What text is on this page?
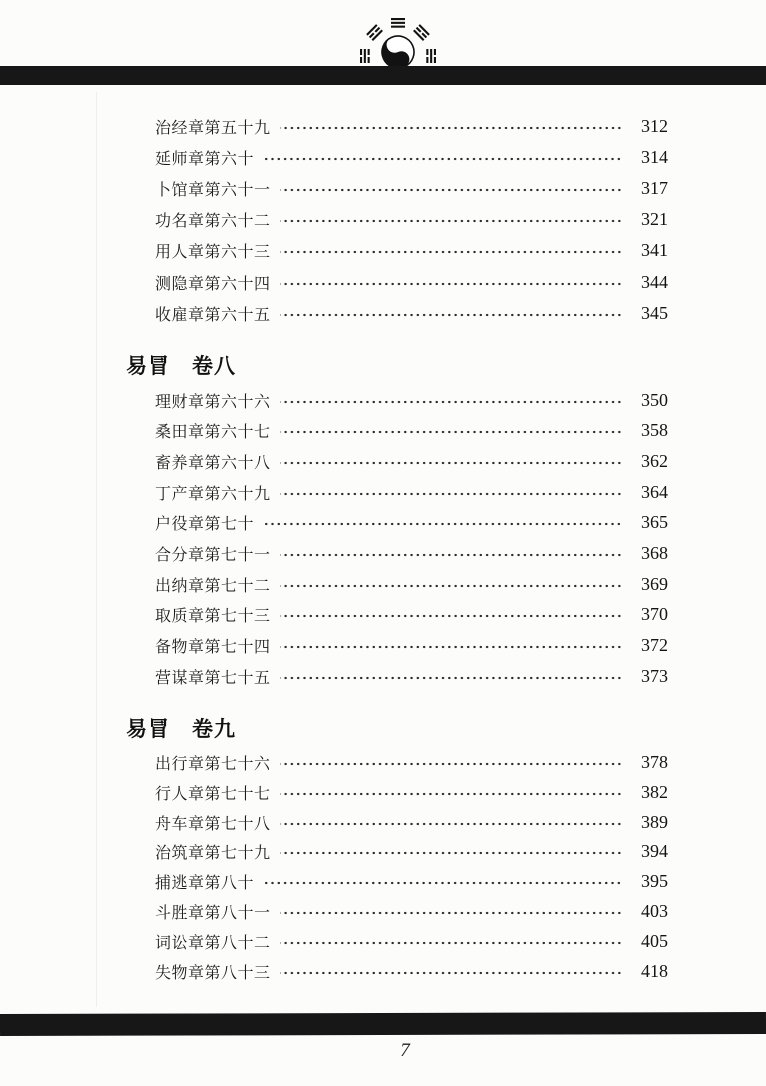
治经章第五十九	312
延师章第六十	314
卜馆章第六十一	317
功名章第六十二	321
用人章第六十三	341
测隐章第六十四	344
收雇章第六十五	345
易冒　卷八
理财章第六十六	350
桑田章第六十七	358
畜养章第六十八	362
丁产章第六十九	364
户役章第七十	365
合分章第七十一	368
出纳章第七十二	369
取质章第七十三	370
备物章第七十四	372
营谋章第七十五	373
易冒　卷九
出行章第七十六	378
行人章第七十七	382
舟车章第七十八	389
治筑章第七十九	394
捕逃章第八十	395
斗胜章第八十一	403
词讼章第八十二	405
失物章第八十三	418
7
